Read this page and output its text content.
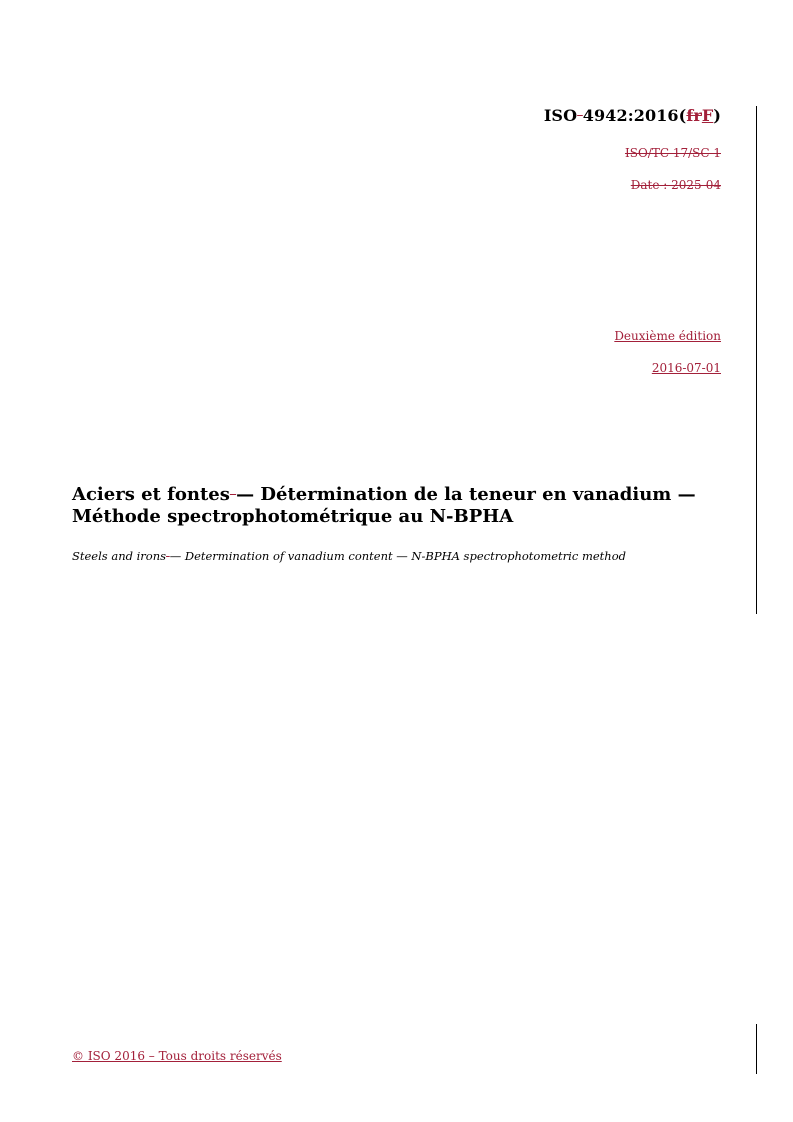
ISO 4942:2016(frF)
ISO/TC 17/SC 1
Date : 2025-04
Deuxième édition
2016-07-01
Aciers et fontes — Détermination de la teneur en vanadium —
Méthode spectrophotométrique au N-BPHA
Steels and irons — Determination of vanadium content — N-BPHA spectrophotometric method
© ISO 2016 – Tous droits réservés
